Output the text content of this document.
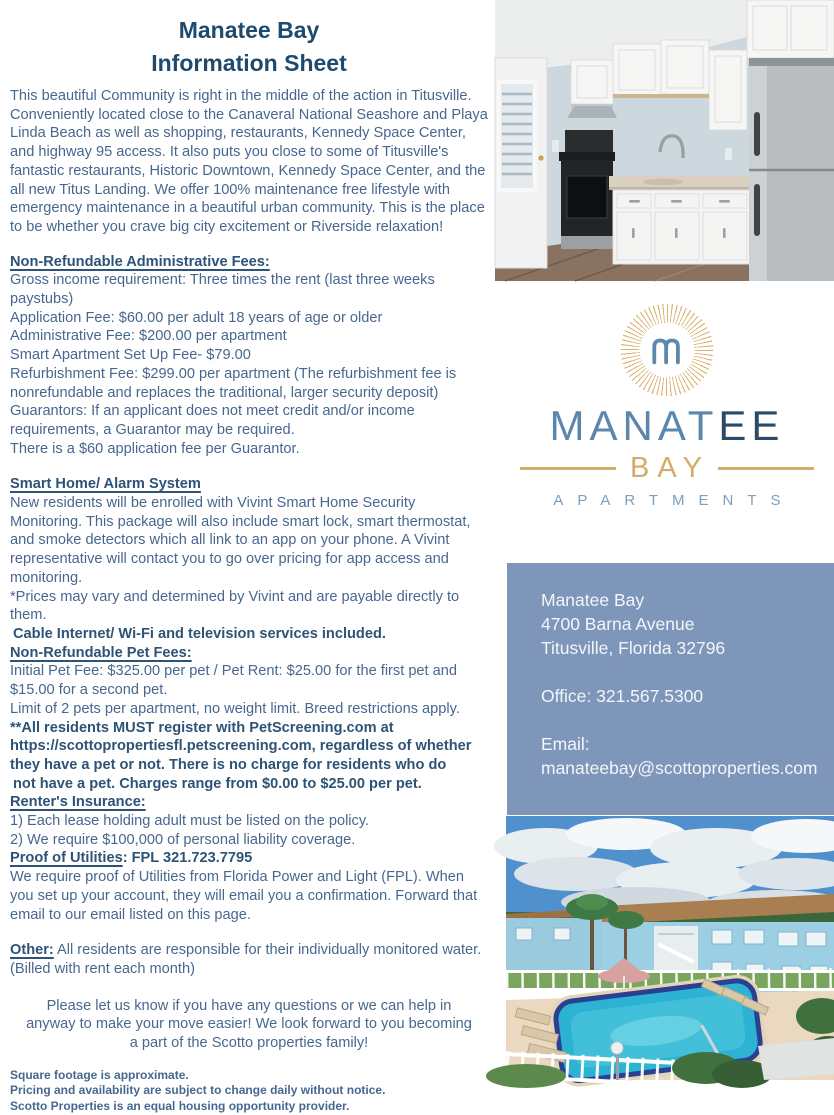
Manatee Bay
Information Sheet
This beautiful Community is right in the middle of the action in Titusville. Conveniently located close to the Canaveral National Seashore and Playa Linda Beach as well as shopping, restaurants, Kennedy Space Center, and highway 95 access. It also puts you close to some of Titusville's fantastic restaurants, Historic Downtown, Kennedy Space Center, and the all new Titus Landing. We offer 100% maintenance free lifestyle with emergency maintenance in a beautiful urban community. This is the place to be whether you crave big city excitement or Riverside relaxation!
Non-Refundable Administrative Fees:
Gross income requirement: Three times the rent (last three weeks paystubs)
Application Fee: $60.00 per adult 18 years of age or older
Administrative Fee: $200.00 per apartment
Smart Apartment Set Up Fee- $79.00
Refurbishment Fee: $299.00 per apartment (The refurbishment fee is nonrefundable and replaces the traditional, larger security deposit)
Guarantors: If an applicant does not meet credit and/or income requirements, a Guarantor may be required.
There is a $60 application fee per Guarantor.
Smart Home/ Alarm System
New residents will be enrolled with Vivint Smart Home Security Monitoring. This package will also include smart lock, smart thermostat, and smoke detectors which all link to an app on your phone. A Vivint representative will contact you to go over pricing for app access and monitoring.
*Prices may vary and determined by Vivint and are payable directly to them.
Cable Internet/ Wi-Fi and television services included.
Non-Refundable Pet Fees:
Initial Pet Fee: $325.00 per pet / Pet Rent: $25.00 for the first pet and $15.00 for a second pet.
Limit of 2 pets per apartment, no weight limit. Breed restrictions apply.
**All residents MUST register with PetScreening.com at https://scottopropertiesfl.petscreening.com, regardless of whether they have a pet or not. There is no charge for residents who do
not have a pet. Charges range from $0.00 to $25.00 per pet.
Renter's Insurance:
1) Each lease holding adult must be listed on the policy.
2) We require $100,000 of personal liability coverage.
Proof of Utilities: FPL 321.723.7795
We require proof of Utilities from Florida Power and Light (FPL). When you set up your account, they will email you a confirmation. Forward that email to our email listed on this page.
Other: All residents are responsible for their individually monitored water.
(Billed with rent each month)
Please let us know if you have any questions or we can help in anyway to make your move easier! We look forward to you becoming a part of the Scotto properties family!
Square footage is approximate.
Pricing and availability are subject to change daily without notice.
Scotto Properties is an equal housing opportunity provider.
MANATEE
BAY
APARTMENTS
Manatee Bay
4700 Barna Avenue
Titusville, Florida 32796
Office: 321.567.5300
Email:
manateebay@scottoproperties.com
